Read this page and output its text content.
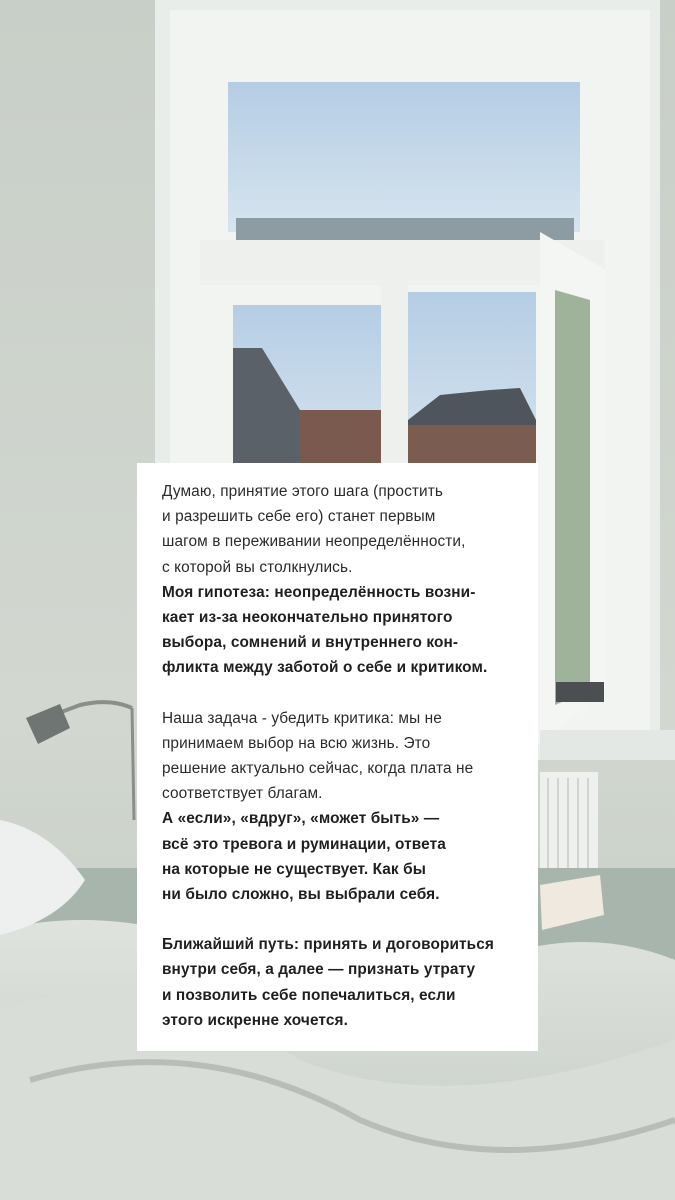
Думаю, принятие этого шага (простить
и разрешить себе его) станет первым
шагом в переживании неопределённости,
с которой вы столкнулись.

Моя гипотеза: неопределённость возни-
кает из-за неокончательно принятого
выбора, сомнений и внутреннего кон-
фликта между заботой о себе и критиком.

Наша задача - убедить критика: мы не
принимаем выбор на всю жизнь. Это
решение актуально сейчас, когда плата не
соответствует благам.

А «если», «вдруг», «может быть» —
всё это тревога и руминации, ответа
на которые не существует. Как бы
ни было сложно, вы выбрали себя.

Ближайший путь: принять и договориться
внутри себя, а далее — признать утрату
и позволить себе попечалиться, если
этого искренне хочется.
